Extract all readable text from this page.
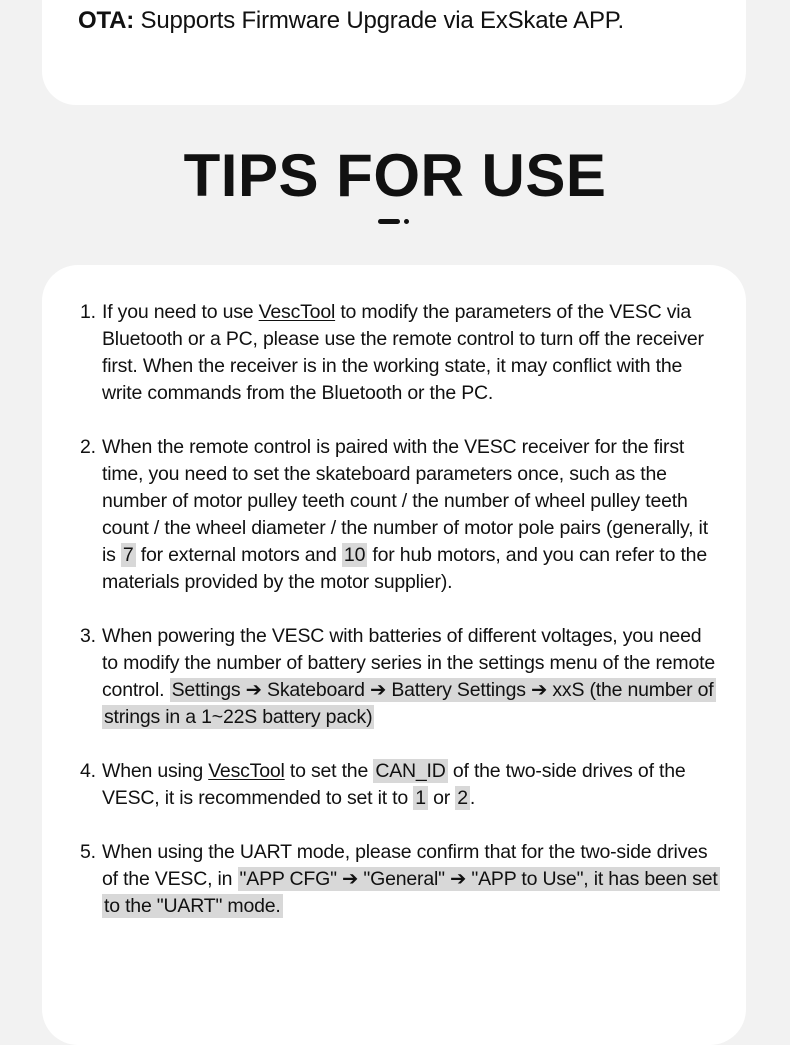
OTA: Supports Firmware Upgrade via ExSkate APP.
TIPS FOR USE
1. If you need to use VescTool to modify the parameters of the VESC via Bluetooth or a PC, please use the remote control to turn off the receiver first. When the receiver is in the working state, it may conflict with the write commands from the Bluetooth or the PC.
2. When the remote control is paired with the VESC receiver for the first time, you need to set the skateboard parameters once, such as the number of motor pulley teeth count / the number of wheel pulley teeth count / the wheel diameter / the number of motor pole pairs (generally, it is 7 for external motors and 10 for hub motors, and you can refer to the materials provided by the motor supplier).
3. When powering the VESC with batteries of different voltages, you need to modify the number of battery series in the settings menu of the remote control. Settings ➔ Skateboard ➔ Battery Settings ➔ xxS (the number of strings in a 1~22S battery pack)
4. When using VescTool to set the CAN_ID of the two-side drives of the VESC, it is recommended to set it to 1 or 2 .
5. When using the UART mode, please confirm that for the two-side drives of the VESC, in "APP CFG" ➔ "General" ➔ "APP to Use", it has been set to the "UART" mode.
